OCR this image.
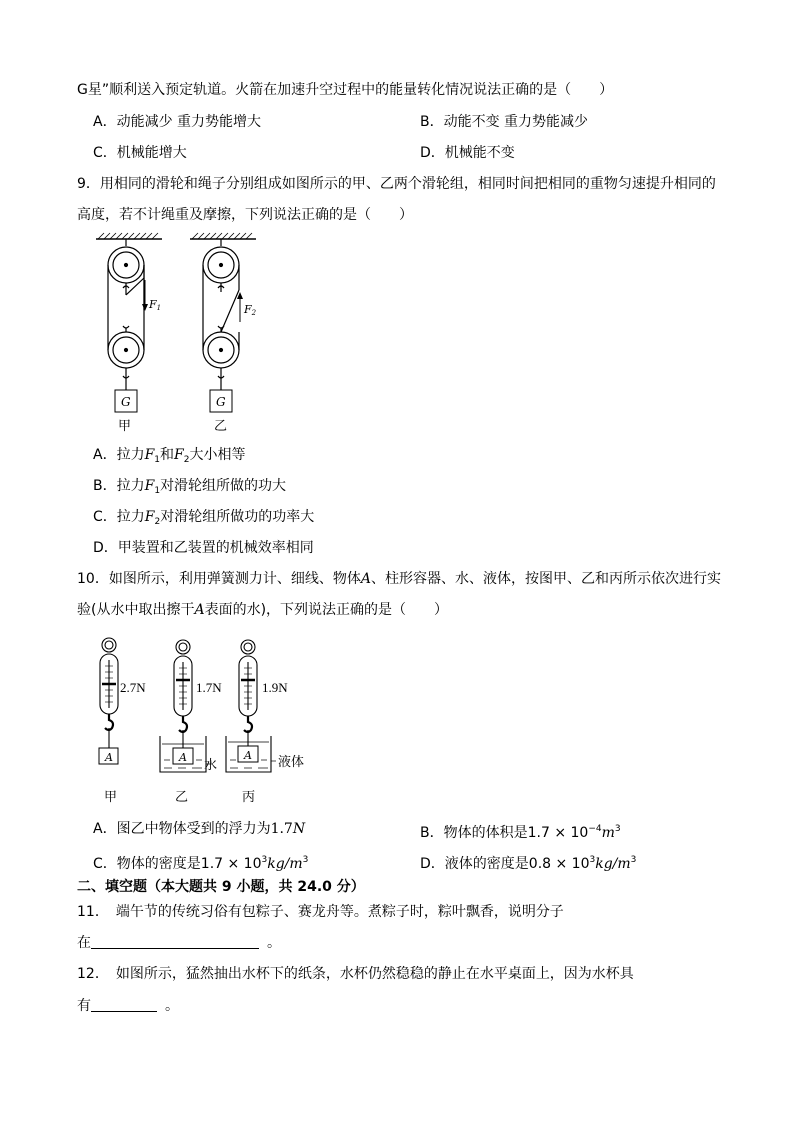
G星”顺利送入预定轨道。火箭在加速升空过程中的能量转化情况说法正确的是（　　）
A．动能减少 重力势能增大	B．动能不变 重力势能减少
C．机械能增大	D．机械能不变
9．用相同的滑轮和绳子分别组成如图所示的甲、乙两个滑轮组，相同时间把相同的重物匀速提升相同的
高度，若不计绳重及摩擦，下列说法正确的是（　　）
F1
G
甲
F2
G
乙
A．拉力$F_1$和$F_2$大小相等
B．拉力$F_1$对滑轮组所做的功大
C．拉力$F_2$对滑轮组所做功的功率大
D．甲装置和乙装置的机械效率相同
10．如图所示，利用弹簧测力计、细线、物体A、柱形容器、水、液体，按图甲、乙和丙所示依次进行实
验(从水中取出擦干A表面的水)，下列说法正确的是（　　）
2.7N
A
甲
1.7N
A 水
乙
1.9N
A 液体
丙
A．图乙中物体受到的浮力为1.7N	B．物体的体积是$1.7 \times 10^{-4}m^3$
C．物体的密度是$1.7 \times 10^3kg/m^3$	D．液体的密度是$0.8 \times 10^3kg/m^3$
二、填空题（本大题共 9 小题，共 24.0 分）
11．　端午节的传统习俗有包粽子、赛龙舟等。煮粽子时，粽叶飘香，说明分子
在	。
12．　如图所示，猛然抽出水杯下的纸条，水杯仍然稳稳的静止在水平桌面上，因为水杯具
有	。
